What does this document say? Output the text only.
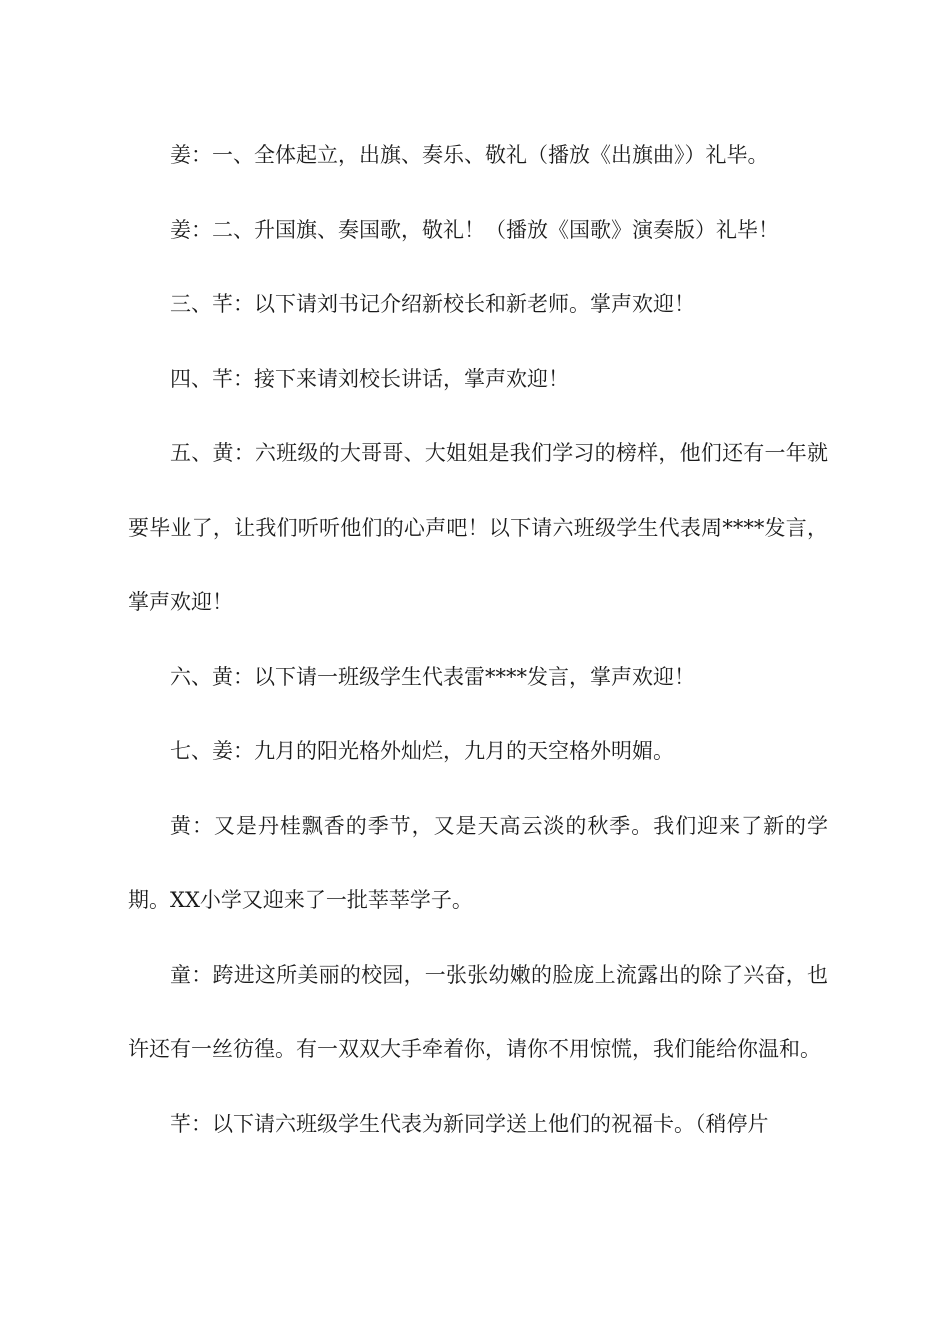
姜：一、全体起立，出旗、奏乐、敬礼（播放《出旗曲》）礼毕。

姜：二、升国旗、奏国歌，敬礼！（播放《国歌》演奏版）礼毕！

三、芊：以下请刘书记介绍新校长和新老师。掌声欢迎！

四、芊：接下来请刘校长讲话，掌声欢迎！

五、黄：六班级的大哥哥、大姐姐是我们学习的榜样，他们还有一年就要毕业了，让我们听听他们的心声吧！以下请六班级学生代表周****发言，掌声欢迎！

六、黄：以下请一班级学生代表雷****发言，掌声欢迎！

七、姜：九月的阳光格外灿烂，九月的天空格外明媚。

黄：又是丹桂飘香的季节，又是天高云淡的秋季。我们迎来了新的学期。XX小学又迎来了一批莘莘学子。

童：跨进这所美丽的校园，一张张幼嫩的脸庞上流露出的除了兴奋，也许还有一丝彷徨。有一双双大手牵着你，请你不用惊慌，我们能给你温和。

芊：以下请六班级学生代表为新同学送上他们的祝福卡。（稍停片
